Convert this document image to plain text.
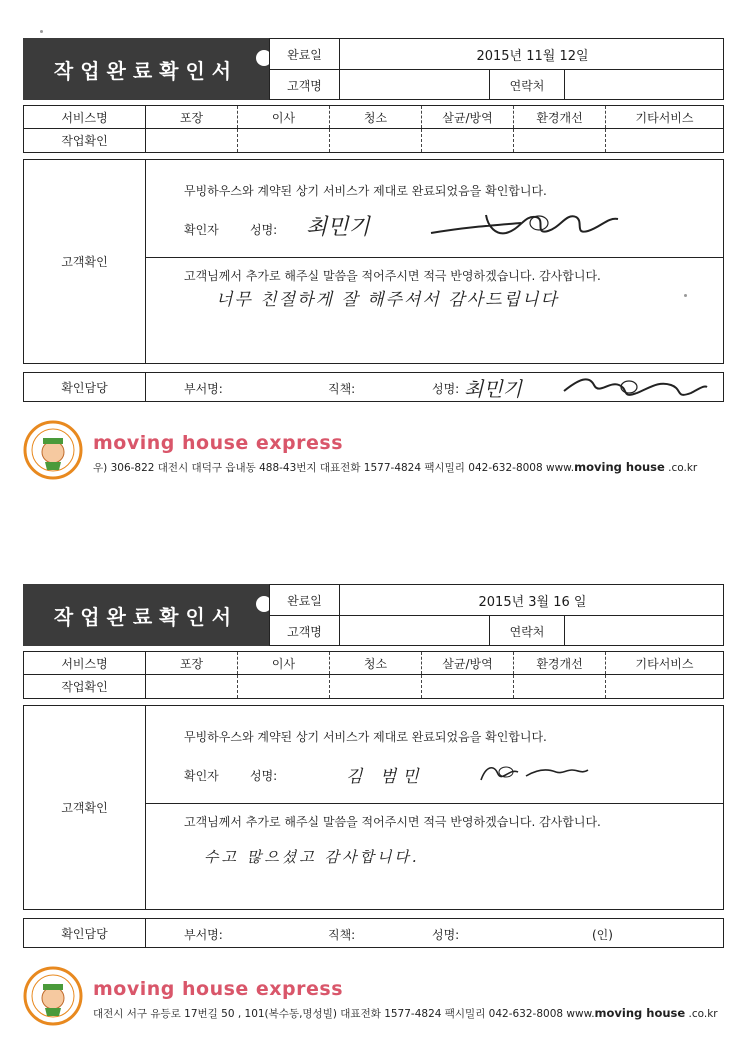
작업완료확인서
완료일	2015년 11월 12일
고객명	연락처
서비스명	포장	이사	청소	살균/방역	환경개선	기타서비스
작업확인
고객확인
무빙하우스와 계약된 상기 서비스가 제대로 완료되었음을 확인합니다.
확인자	성명: 최민기
고객님께서 추가로 해주실 말씀을 적어주시면 적극 반영하겠습니다. 감사합니다.
너무 친절하게 잘 해주셔서 감사드립니다
확인담당	부서명:	직책:	성명: 최민기
moving house express
우) 306-822 대전시 대덕구 읍내동 488-43번지 대표전화 1577-4824 팩시밀리 042-632-8008 www.moving house .co.kr
작업완료확인서
완료일	2015년 3월 16 일
고객명	연락처
서비스명	포장	이사	청소	살균/방역	환경개선	기타서비스
작업확인
고객확인
무빙하우스와 계약된 상기 서비스가 제대로 완료되었음을 확인합니다.
확인자	성명:	김 범민
고객님께서 추가로 해주실 말씀을 적어주시면 적극 반영하겠습니다. 감사합니다.
수고 많으셨고 감사합니다.
확인담당	부서명:	직책:	성명:	(인)
moving house express
대전시 서구 유등로 17번길 50 , 101(복수동,명성빌) 대표전화 1577-4824 팩시밀리 042-632-8008 www.moving house .co.kr
